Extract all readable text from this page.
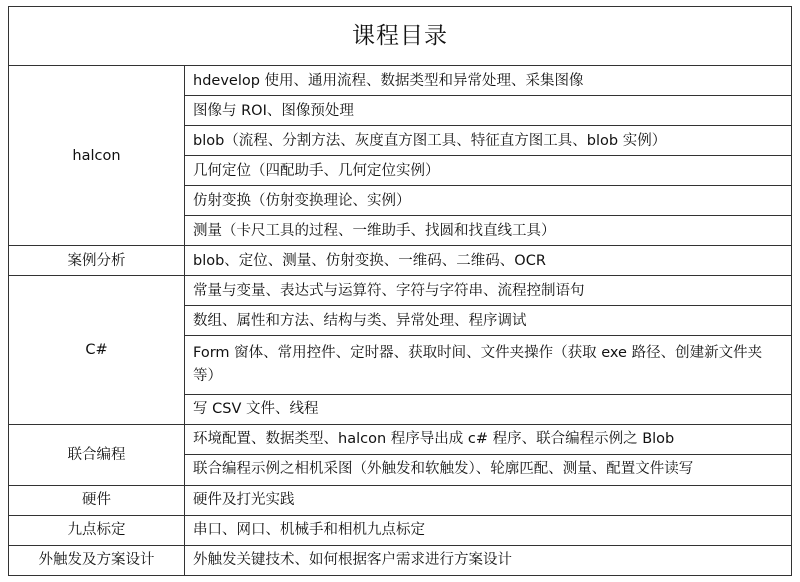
课程目录	
halcon	hdevelop 使用、通用流程、数据类型和异常处理、采集图像
	图像与 ROI、图像预处理
	blob（流程、分割方法、灰度直方图工具、特征直方图工具、blob 实例）
	几何定位（四配助手、几何定位实例）
	仿射变换（仿射变换理论、实例）
	测量（卡尺工具的过程、一维助手、找圆和找直线工具）
案例分析	blob、定位、测量、仿射变换、一维码、二维码、OCR
C#	常量与变量、表达式与运算符、字符与字符串、流程控制语句
	数组、属性和方法、结构与类、异常处理、程序调试
	Form 窗体、常用控件、定时器、获取时间、文件夹操作（获取 exe 路径、创建新文件夹等）
	写 CSV 文件、线程
联合编程	环境配置、数据类型、halcon 程序导出成 c# 程序、联合编程示例之 Blob
	联合编程示例之相机采图（外触发和软触发）、轮廓匹配、测量、配置文件读写
硬件	硬件及打光实践
九点标定	串口、网口、机械手和相机九点标定
外触发及方案设计	外触发关键技术、如何根据客户需求进行方案设计
